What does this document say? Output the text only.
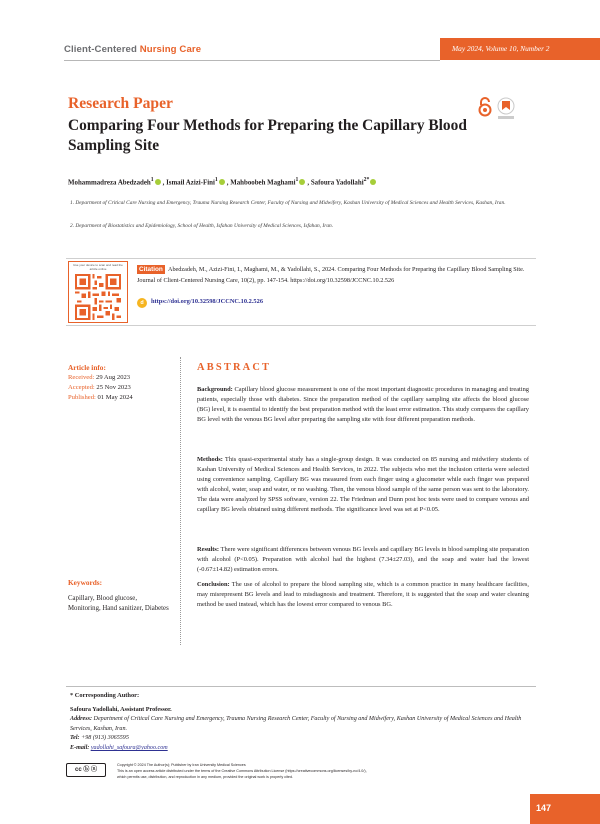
Client-Centered Nursing Care	May 2024, Volume 10, Number 2
Research Paper
Comparing Four Methods for Preparing the Capillary Blood Sampling Site
Mohammadreza Abedzadeh$^1$ , Ismail Azizi-Fini$^1$ , Mahboobeh Maghami$^1$ , Safoura Yadollahi$^{2*}$
1. Department of Critical Care Nursing and Emergency, Trauma Nursing Research Center, Faculty of Nursing and Midwifery, Kashan University of Medical Sciences and Health Services, Kashan, Iran.
2. Department of Biostatistics and Epidemiology, School of Health, Isfahan University of Medical Sciences, Isfahan, Iran.
Use your device to scan and read the article online	Citation Abedzadeh, M., Azizi-Fini, I., Maghami, M., & Yadollahi, S., 2024. Comparing Four Methods for Preparing the Capillary Blood Sampling Site. Journal of Client-Centered Nursing Care, 10(2), pp. 147-154. https://doi.org/10.32598/JCCNC.10.2.526
d	https://doi.org/10.32598/JCCNC.10.2.526
Article info:
Received: 29 Aug 2023
Accepted: 25 Nov 2023
Published: 01 May 2024
Keywords:
Capillary, Blood glucose, Monitoring, Hand sanitizer, Diabetes
ABSTRACT
Background: Capillary blood glucose measurement is one of the most important diagnostic procedures in managing and treating patients, especially those with diabetes. Since the preparation method of the capillary sampling site affects the blood glucose (BG) level, it is essential to identify the best preparation method with the least error estimation. This study compares the capillary BG level with the venous BG level after preparing the sampling site with four different preparation methods.
Methods: This quasi-experimental study has a single-group design. It was conducted on 85 nursing and midwifery students of Kashan University of Medical Sciences and Health Services, in 2022. The subjects who met the inclusion criteria were selected using convenience sampling. Capillary BG was measured from each finger using a glucometer while each finger was prepared with alcohol, water, soap and water, or no washing. Then, the venous blood sample of the same person was sent to the laboratory. The data were analyzed by SPSS software, version 22. The Friedman and Dunn post hoc tests were used to compare venous and capillary BG levels obtained using different methods. The significance level was set at P<0.05.
Results: There were significant differences between venous BG levels and capillary BG levels in blood sampling site preparation with alcohol (P<0.05). Preparation with alcohol had the highest (7.34±27.03), and the soap and water had the lowest (-0.67±14.82) estimation errors.
Conclusion: The use of alcohol to prepare the blood sampling site, which is a common practice in many healthcare facilities, may misrepresent BG levels and lead to misdiagnosis and treatment. Therefore, it is suggested that the soap and water cleaning method be used instead, which has the lowest error compared to venous BG.
* Corresponding Author:
Safoura Yadollahi, Assistant Professor.
Address: Department of Critical Care Nursing and Emergency, Trauma Nursing Research Center, Faculty of Nursing and Midwifery, Kashan University of Medical Sciences and Health Services, Kashan, Iran.
Tel: +98 (913) 3065595
E-mail: yadollahi_safoura@yahoo.com
cc ⓑ ⓝ
Copyright © 2024 The Author(s); Publisher by Iran University Medical Sciences
This is an open access article distributed under the terms of the Creative Commons Attribution License (https://creativecommons.org/licenses/by-nc/4.0/),
which permits use, distribution, and reproduction in any medium, provided the original work is properly cited.
147
